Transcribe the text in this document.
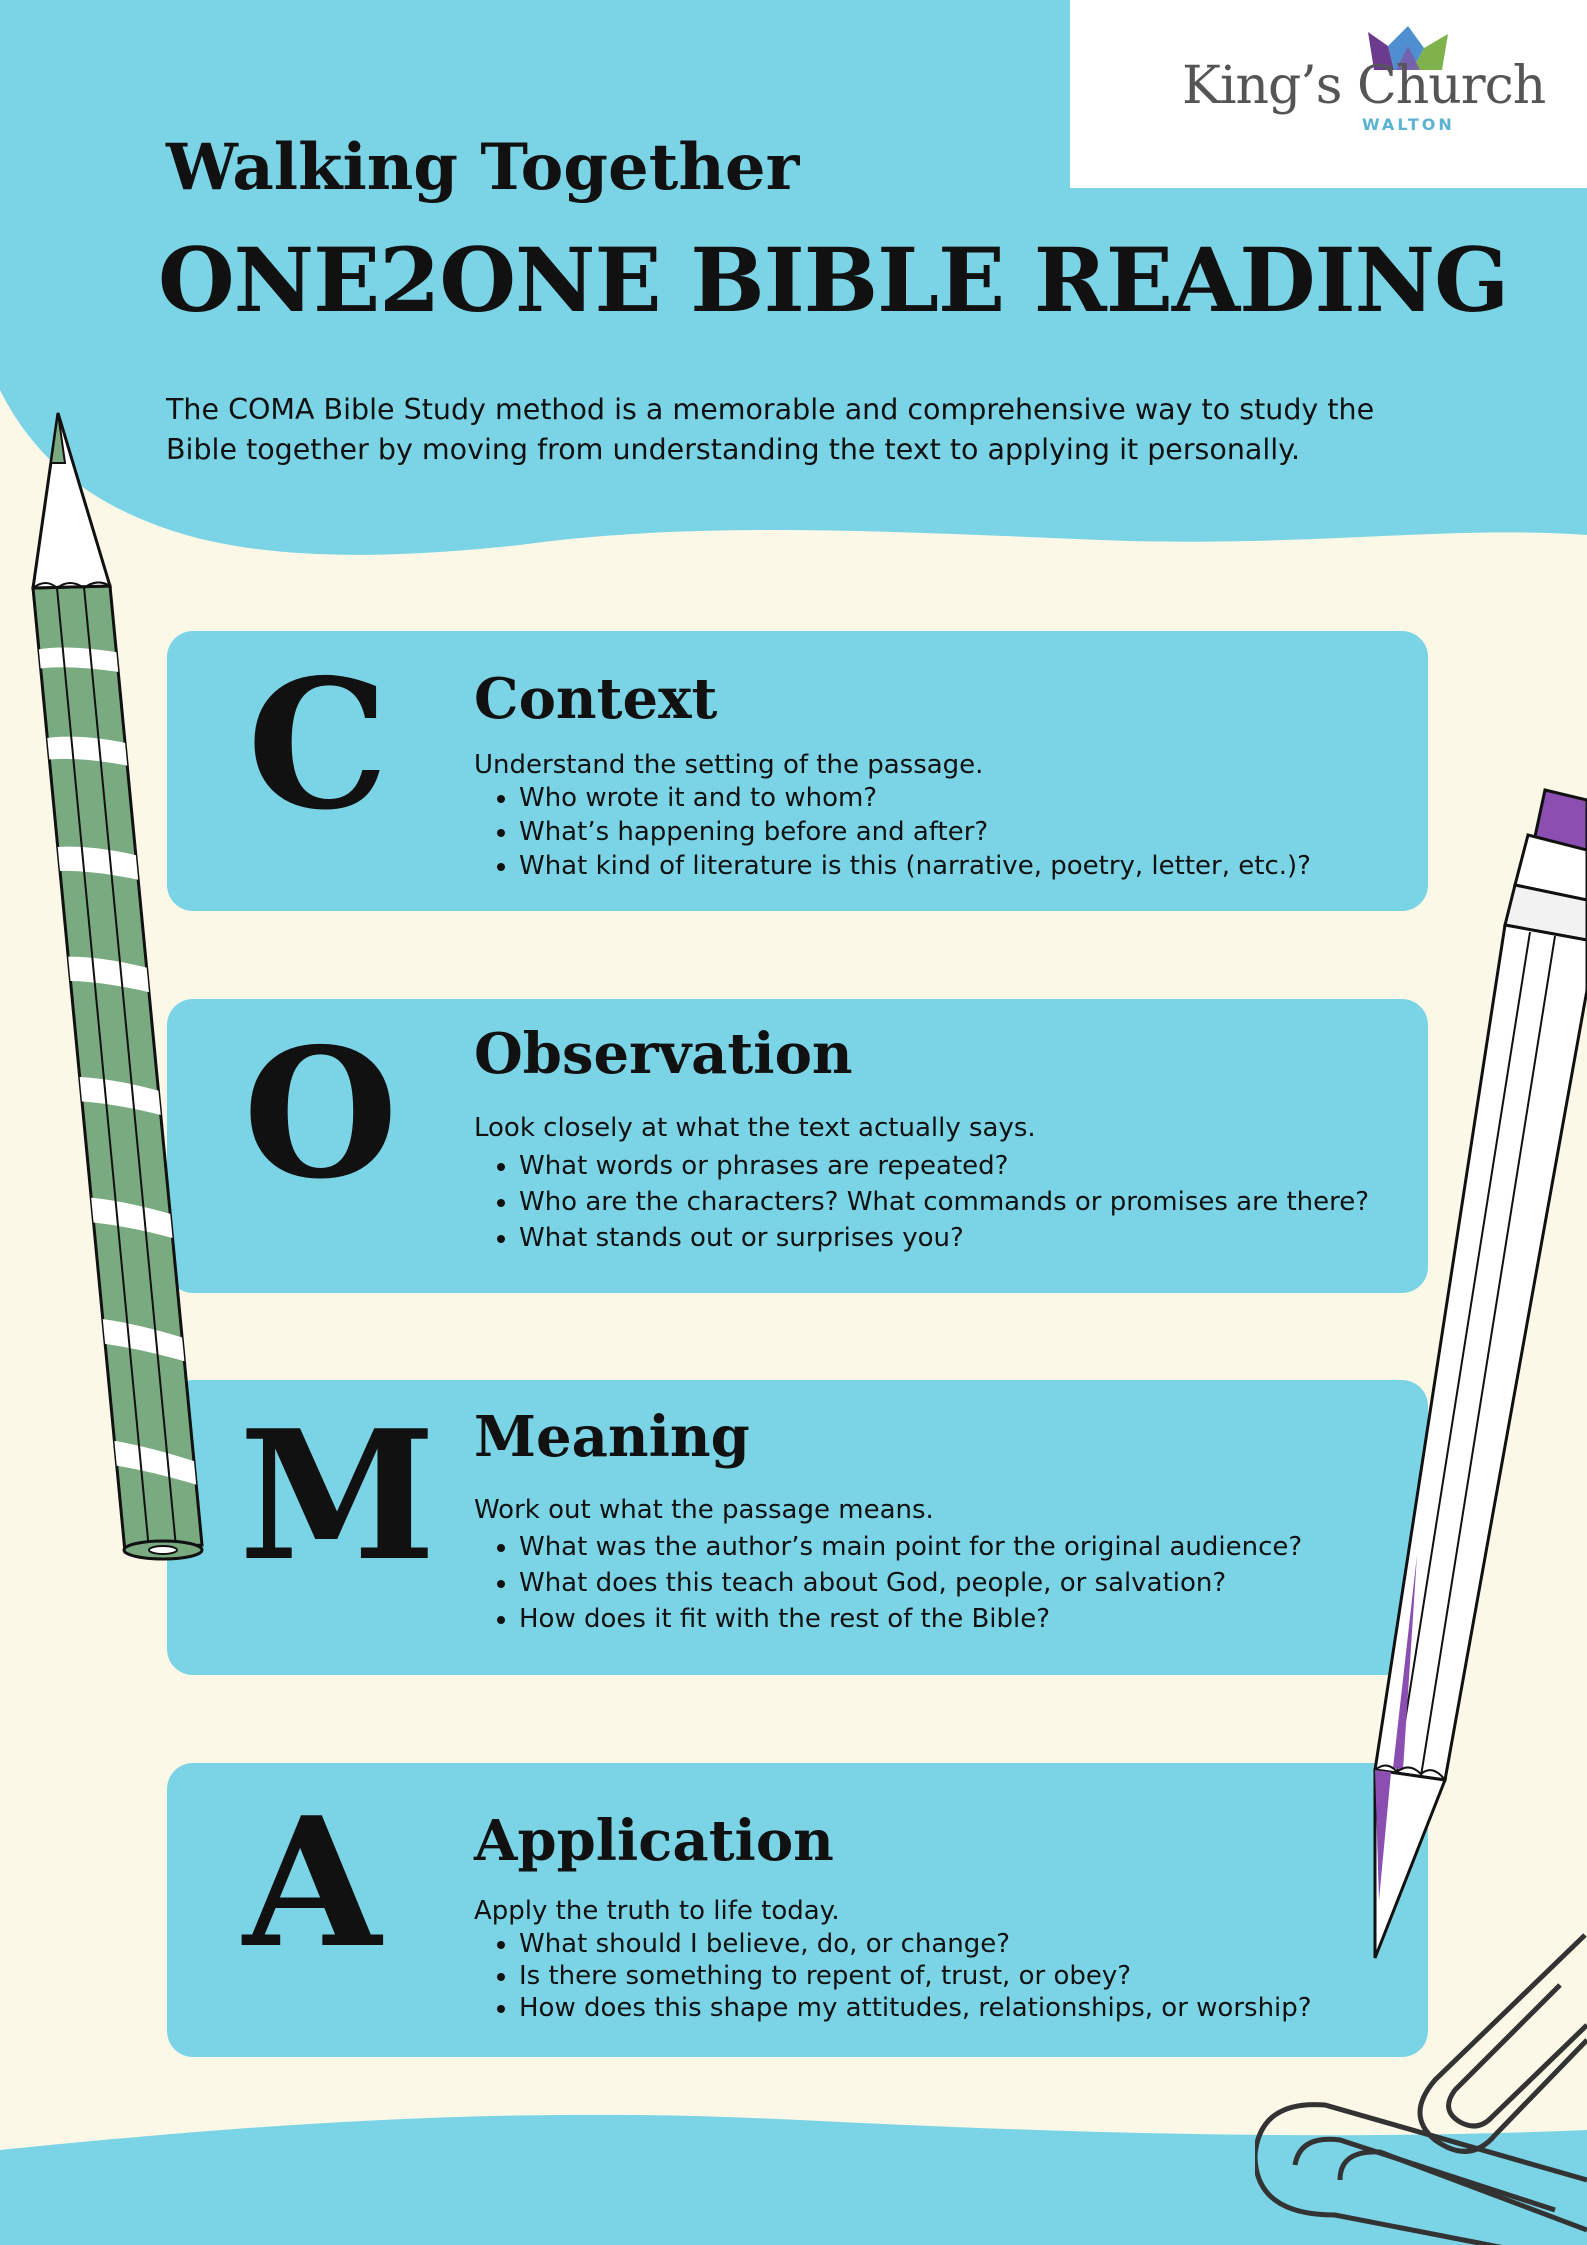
King’s Church
WALTON
Walking Together
ONE2ONE BIBLE READING
The COMA Bible Study method is a memorable and comprehensive way to study the
Bible together by moving from understanding the text to applying it personally.
C Context
Understand the setting of the passage.
• Who wrote it and to whom?
• What’s happening before and after?
• What kind of literature is this (narrative, poetry, letter, etc.)?
O Observation
Look closely at what the text actually says.
• What words or phrases are repeated?
• Who are the characters? What commands or promises are there?
• What stands out or surprises you?
M Meaning
Work out what the passage means.
• What was the author’s main point for the original audience?
• What does this teach about God, people, or salvation?
• How does it fit with the rest of the Bible?
A Application
Apply the truth to life today.
• What should I believe, do, or change?
• Is there something to repent of, trust, or obey?
• How does this shape my attitudes, relationships, or worship?
